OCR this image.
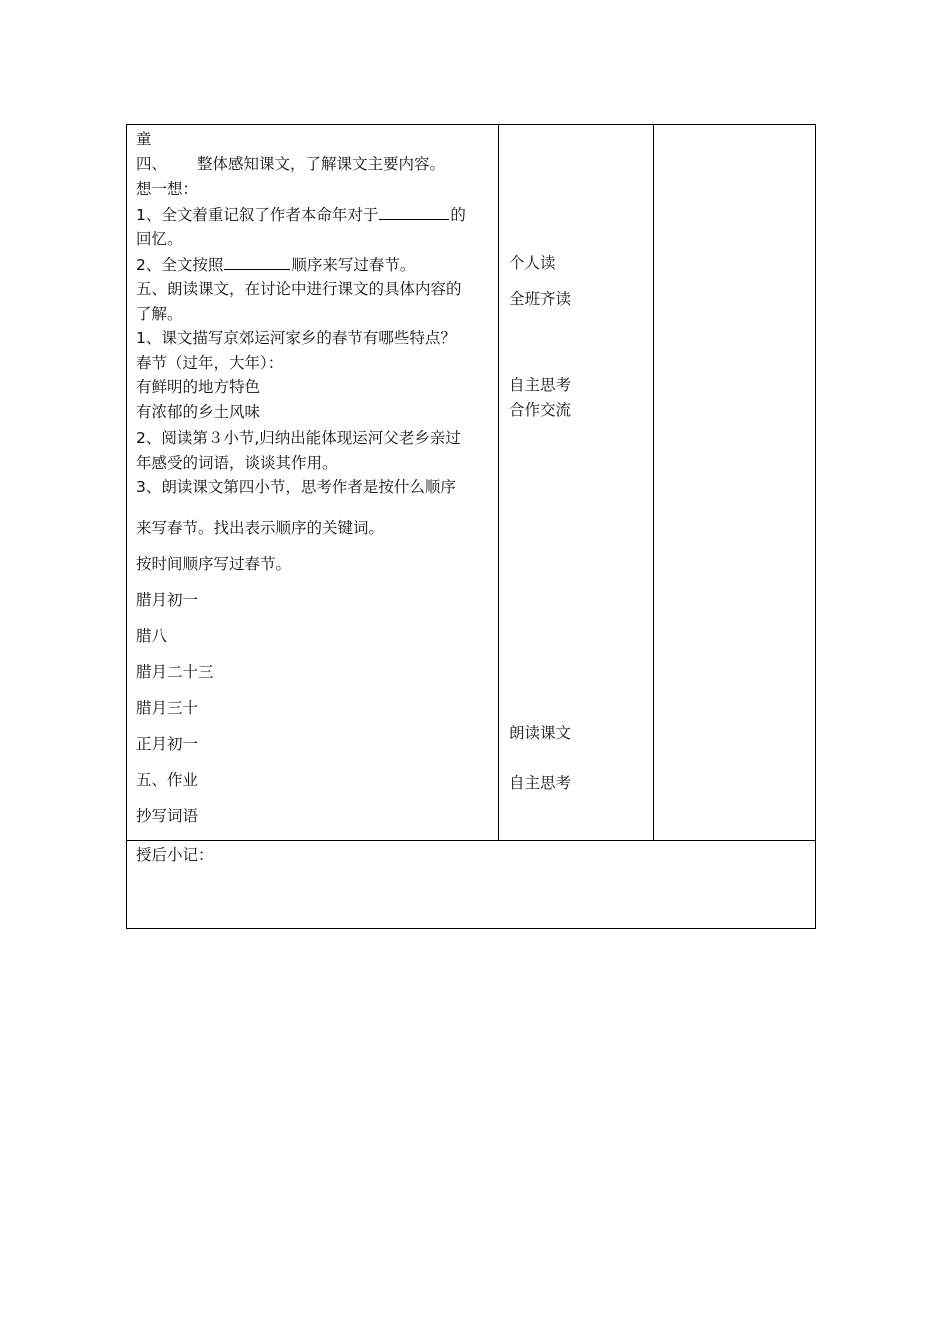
童
四、 整体感知课文，了解课文主要内容。
想一想：
1、全文着重记叙了作者本命年对于	的
回忆。
2、全文按照	顺序来写过春节。
五、朗读课文，在讨论中进行课文的具体内容的
了解。
1、课文描写京郊运河家乡的春节有哪些特点？
春节（过年，大年）：
有鲜明的地方特色
有浓郁的乡土风味
2、阅读第３小节,归纳出能体现运河父老乡亲过
年感受的词语，谈谈其作用。
3、朗读课文第四小节，思考作者是按什么顺序
来写春节。找出表示顺序的关键词。
按时间顺序写过春节。
腊月初一
腊八
腊月二十三
腊月三十
正月初一
五、作业
抄写词语
个人读
全班齐读
自主思考
合作交流
朗读课文
自主思考
授后小记：
